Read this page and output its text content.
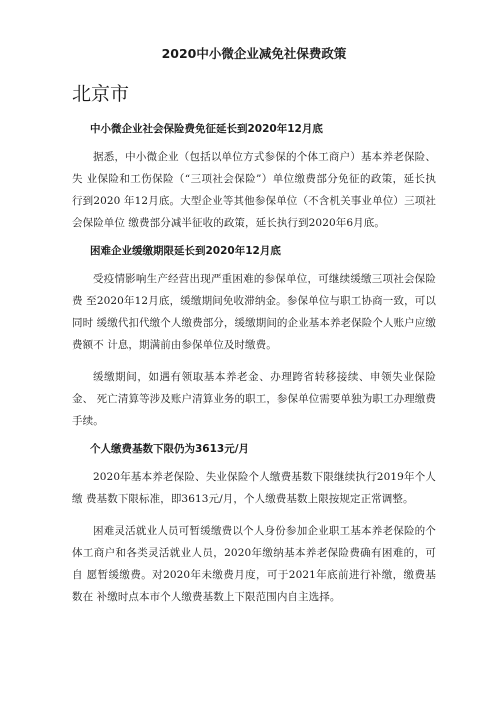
2020中小微企业减免社保费政策
北京市
中小微企业社会保险费免征延长到2020年12月底

据悉，中小微企业（包括以单位方式参保的个体工商户）基本养老保险、失 业保险和工伤保险（“三项社会保险”）单位缴费部分免征的政策，延长执行到2020 年12月底。大型企业等其他参保单位（不含机关事业单位）三项社会保险单位 缴费部分减半征收的政策，延长执行到2020年6月底。

困难企业缓缴期限延长到2020年12月底

受疫情影响生产经营出现严重困难的参保单位，可继续缓缴三项社会保险费 至2020年12月底，缓缴期间免收滞纳金。参保单位与职工协商一致，可以同时 缓缴代扣代缴个人缴费部分，缓缴期间的企业基本养老保险个人账户应缴费额不 计息，期满前由参保单位及时缴费。

缓缴期间，如遇有领取基本养老金、办理跨省转移接续、申领失业保险金、 死亡清算等涉及账户清算业务的职工，参保单位需要单独为职工办理缴费手续。

个人缴费基数下限仍为3613元/月

2020年基本养老保险、失业保险个人缴费基数下限继续执行2019年个人缴 费基数下限标准，即3613元/月，个人缴费基数上限按规定正常调整。

困难灵活就业人员可暂缓缴费以个人身份参加企业职工基本养老保险的个 体工商户和各类灵活就业人员，2020年缴纳基本养老保险费确有困难的，可自 愿暂缓缴费。对2020年未缴费月度，可于2021年底前进行补缴，缴费基数在 补缴时点本市个人缴费基数上下限范围内自主选择。
